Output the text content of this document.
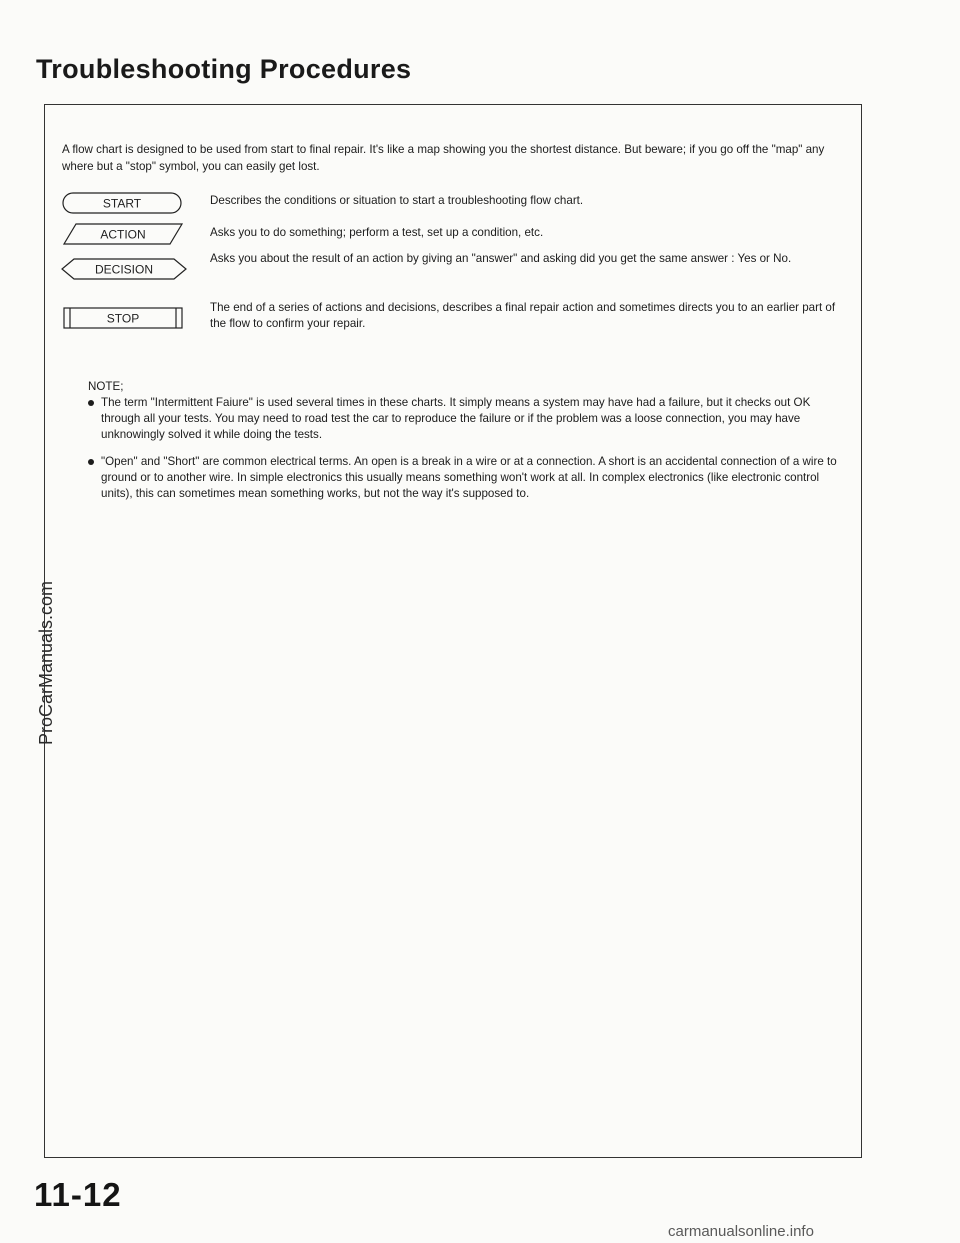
Troubleshooting Procedures
A flow chart is designed to be used from start to final repair. It's like a map showing you the shortest distance. But beware; if you go off the "map" any where but a "stop" symbol, you can easily get lost.
START	Describes the conditions or situation to start a troubleshooting flow chart.
ACTION	Asks you to do something; perform a test, set up a condition, etc.
DECISION
Asks you about the result of an action by giving an "answer" and asking did you get the same answer : Yes or No.
STOP
The end of a series of actions and decisions, describes a final repair action and sometimes directs you to an earlier part of the flow to confirm your repair.
NOTE;
The term "Intermittent Faiure" is used several times in these charts. It simply means a system may have had a failure, but it checks out OK through all your tests. You may need to road test the car to reproduce the failure or if the problem was a loose connection, you may have unknowingly solved it while doing the tests.
"Open" and "Short" are common electrical terms. An open is a break in a wire or at a connection. A short is an accidental connection of a wire to ground or to another wire. In simple electronics this usually means something won't work at all. In complex electronics (like electronic control units), this can sometimes mean something works, but not the way it's supposed to.
ProCarManuals.com
11-12
carmanualsonline.info
